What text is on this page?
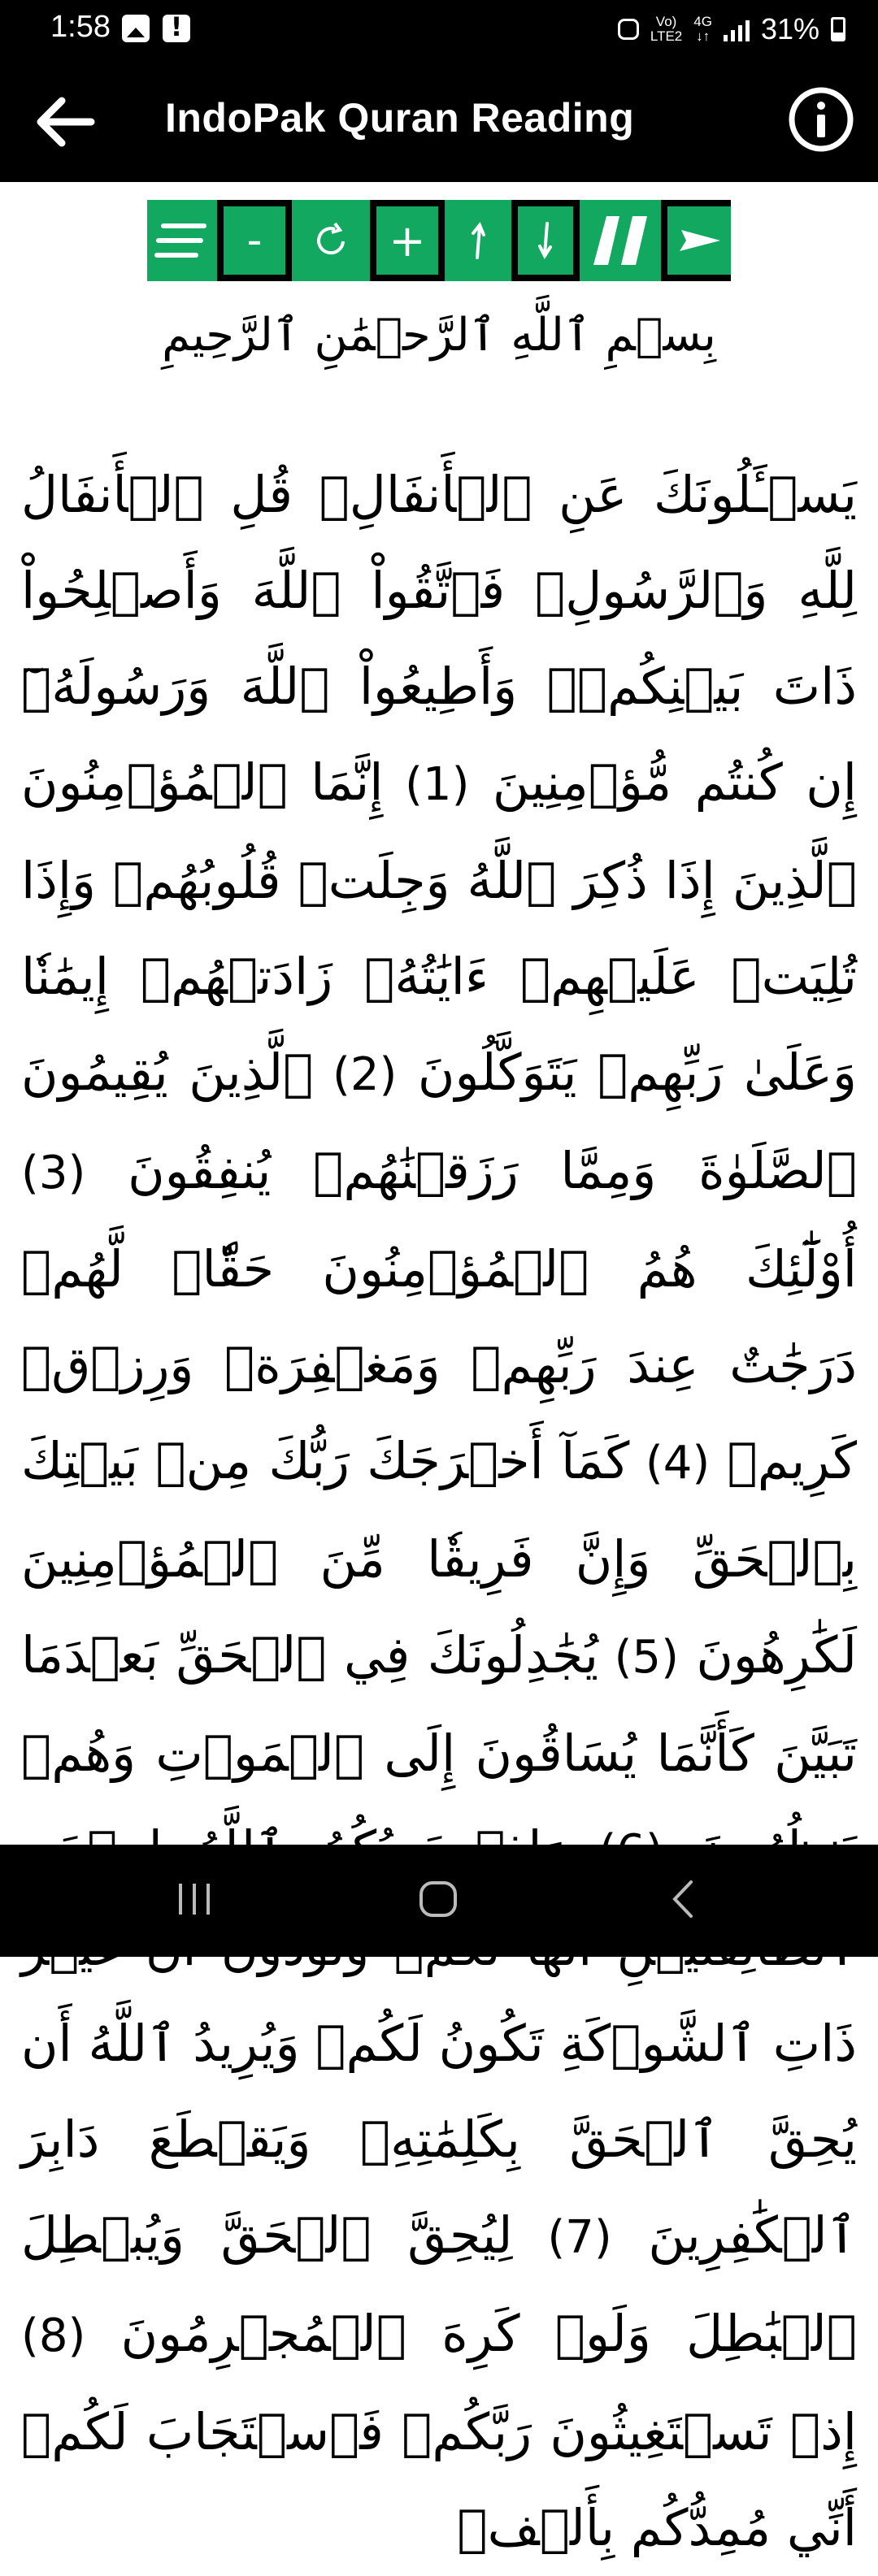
1:58
!	Vo)
LTE2
4G
↓↑ 31%
IndoPak Quran Reading
-	+
بِسۡمِ ٱللَّهِ ٱلرَّحۡمَٰنِ ٱلرَّحِيمِ
يَسۡـَٔلُونَكَ عَنِ ٱلۡأَنفَالِۖ قُلِ ٱلۡأَنفَالُ لِلَّهِ وَٱلرَّسُولِۖ فَٱتَّقُواْ ٱللَّهَ وَأَصۡلِحُواْ ذَاتَ بَيۡنِكُمۡۖ وَأَطِيعُواْ ٱللَّهَ وَرَسُولَهُۥٓ إِن كُنتُم مُّؤۡمِنِينَ (1) إِنَّمَا ٱلۡمُؤۡمِنُونَ ٱلَّذِينَ إِذَا ذُكِرَ ٱللَّهُ وَجِلَتۡ قُلُوبُهُمۡ وَإِذَا تُلِيَتۡ عَلَيۡهِمۡ ءَايَٰتُهُۥ زَادَتۡهُمۡ إِيمَٰنٗا وَعَلَىٰ رَبِّهِمۡ يَتَوَكَّلُونَ (2) ٱلَّذِينَ يُقِيمُونَ ٱلصَّلَوٰةَ وَمِمَّا رَزَقۡنَٰهُمۡ يُنفِقُونَ (3) أُوْلَٰٓئِكَ هُمُ ٱلۡمُؤۡمِنُونَ حَقّٗاۚ لَّهُمۡ دَرَجَٰتٌ عِندَ رَبِّهِمۡ وَمَغۡفِرَةٞ وَرِزۡقٞ كَرِيمٞ (4) كَمَآ أَخۡرَجَكَ رَبُّكَ مِنۢ بَيۡتِكَ بِٱلۡحَقِّ وَإِنَّ فَرِيقٗا مِّنَ ٱلۡمُؤۡمِنِينَ لَكَٰرِهُونَ (5) يُجَٰدِلُونَكَ فِي ٱلۡحَقِّ بَعۡدَمَا تَبَيَّنَ كَأَنَّمَا يُسَاقُونَ إِلَى ٱلۡمَوۡتِ وَهُمۡ ذَاتِ ٱلشَّوۡكَةِ تَكُونُ لَكُمۡ وَيُرِيدُ ٱللَّهُ أَن يُحِقَّ ٱلۡحَقَّ بِكَلِمَٰتِهِۦ وَيَقۡطَعَ دَابِرَ ٱلۡكَٰفِرِينَ (7) لِيُحِقَّ ٱلۡحَقَّ وَيُبۡطِلَ ٱلۡبَٰطِلَ وَلَوۡ كَرِهَ ٱلۡمُجۡرِمُونَ (8) إِذۡ تَسۡتَغِيثُونَ رَبَّكُمۡ فَٱسۡتَجَابَ لَكُمۡ أَنِّي مُمِدُّكُم بِأَلۡفٖ
